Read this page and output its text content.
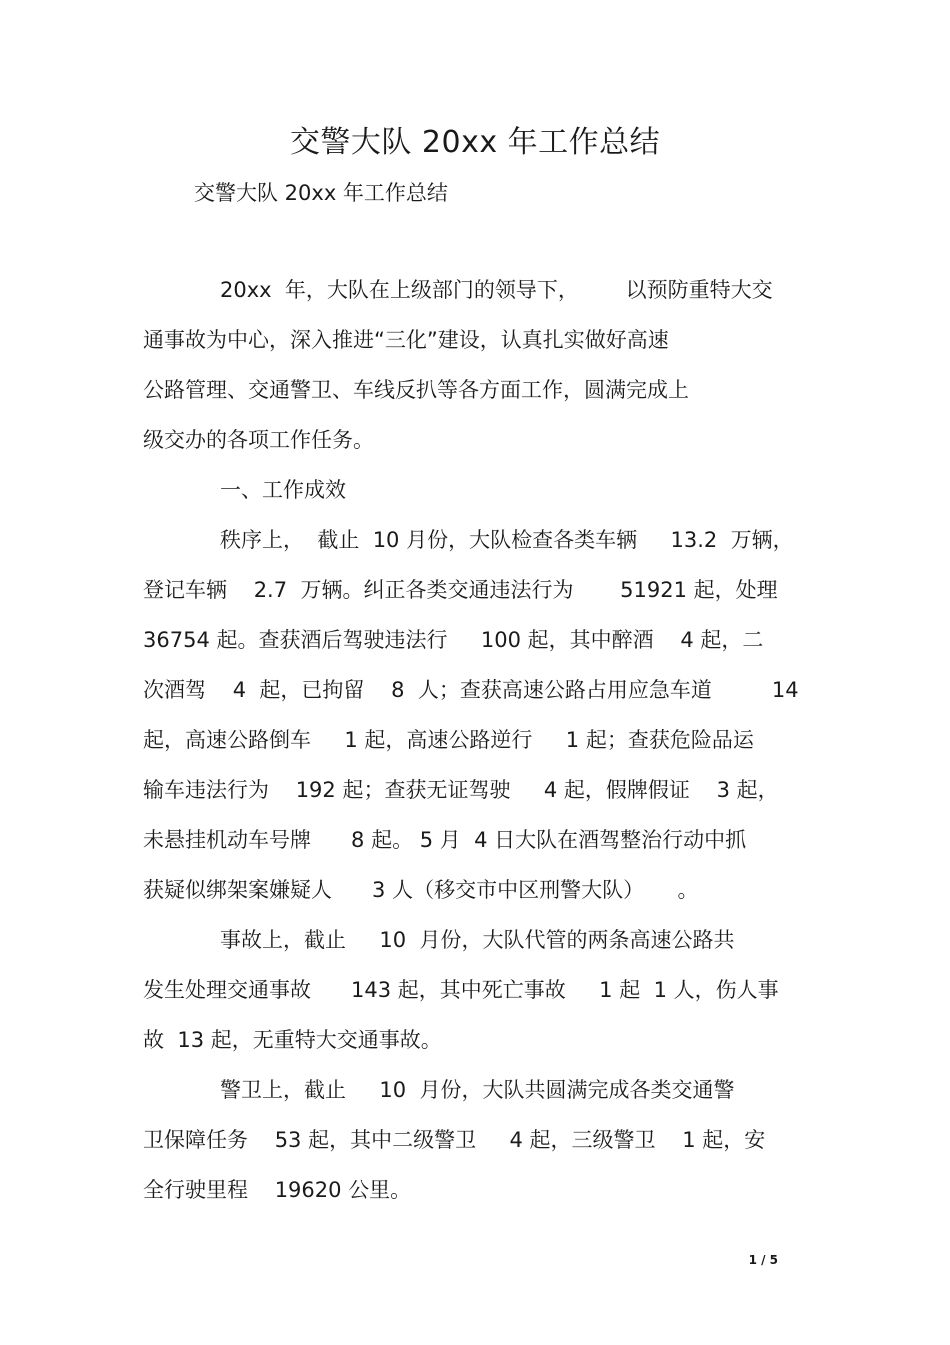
交警大队 20xx 年工作总结
交警大队 20xx 年工作总结
20xx  年，大队在上级部门的领导下，       以预防重特大交
通事故为中心，深入推进“三化”建设，认真扎实做好高速
公路管理、交通警卫、车线反扒等各方面工作，圆满完成上
级交办的各项工作任务。
一、工作成效
秩序上，  截止  10 月份，大队检查各类车辆     13.2  万辆，
登记车辆    2.7  万辆。纠正各类交通违法行为       51921 起，处理
36754 起。查获酒后驾驶违法行     100 起，其中醉酒    4 起，二
次酒驾    4  起，已拘留    8  人；查获高速公路占用应急车道         14
起，高速公路倒车     1 起，高速公路逆行     1 起；查获危险品运
输车违法行为    192 起；查获无证驾驶     4 起，假牌假证    3 起，
未悬挂机动车号牌      8 起。 5 月  4 日大队在酒驾整治行动中抓
获疑似绑架案嫌疑人      3 人（移交市中区刑警大队）     。
事故上，截止     10  月份，大队代管的两条高速公路共
发生处理交通事故      143 起，其中死亡事故     1 起  1 人，伤人事
故  13 起，无重特大交通事故。
警卫上，截止     10  月份，大队共圆满完成各类交通警
卫保障任务    53 起，其中二级警卫     4 起，三级警卫    1 起，安
全行驶里程    19620 公里。
1 / 5
